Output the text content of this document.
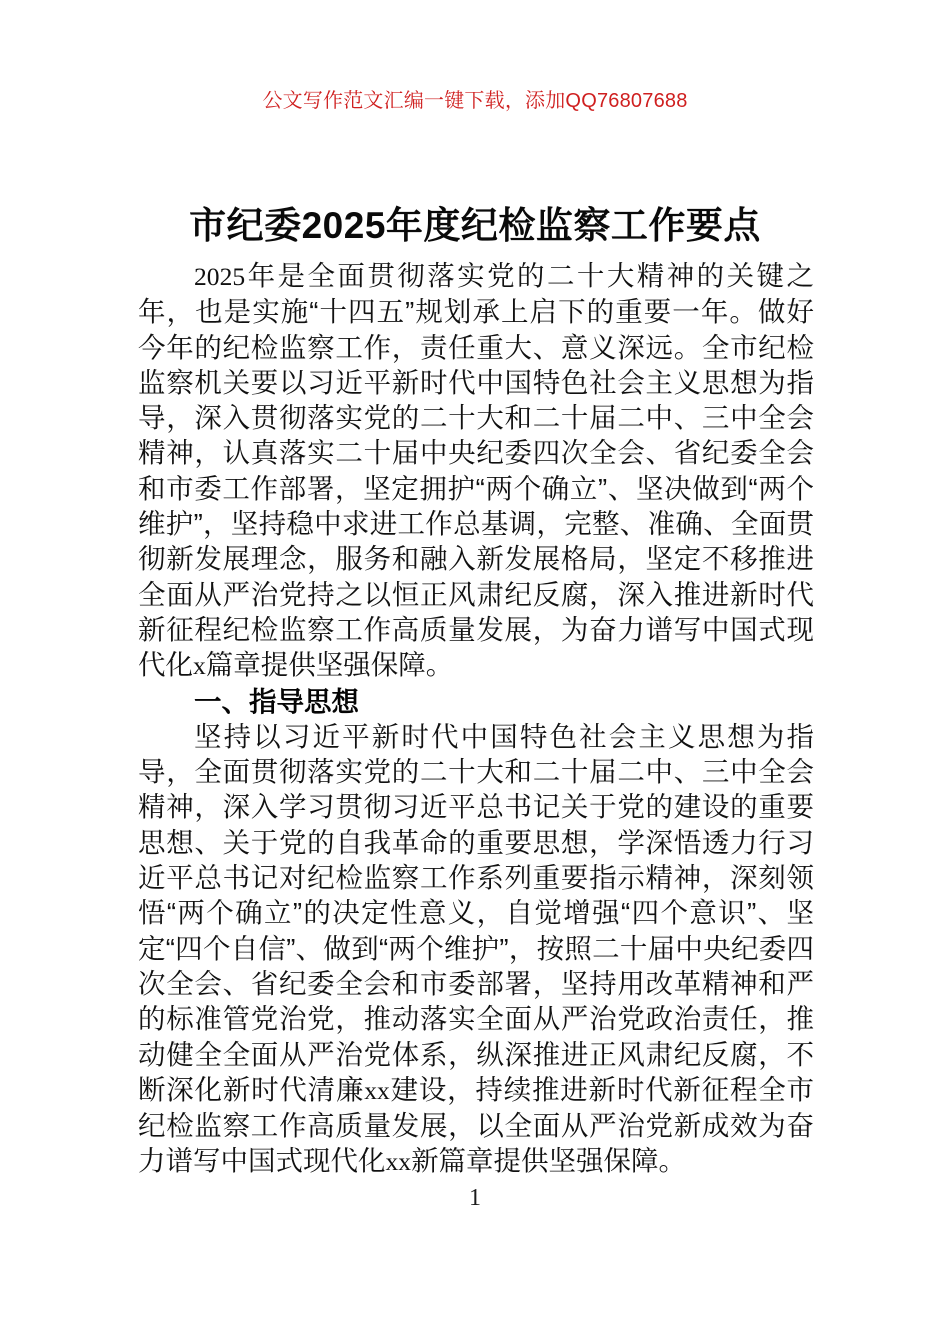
公文写作范文汇编一键下载，添加QQ76807688
市纪委2025年度纪检监察工作要点

2025年是全面贯彻落实党的二十大精神的关键之年，也是实施“十四五”规划承上启下的重要一年。做好今年的纪检监察工作，责任重大、意义深远。全市纪检监察机关要以习近平新时代中国特色社会主义思想为指导，深入贯彻落实党的二十大和二十届二中、三中全会精神，认真落实二十届中央纪委四次全会、省纪委全会和市委工作部署，坚定拥护“两个确立”、坚决做到“两个维护”，坚持稳中求进工作总基调，完整、准确、全面贯彻新发展理念，服务和融入新发展格局，坚定不移推进全面从严治党持之以恒正风肃纪反腐，深入推进新时代新征程纪检监察工作高质量发展，为奋力谱写中国式现代化x篇章提供坚强保障。

一、指导思想

坚持以习近平新时代中国特色社会主义思想为指导，全面贯彻落实党的二十大和二十届二中、三中全会精神，深入学习贯彻习近平总书记关于党的建设的重要思想、关于党的自我革命的重要思想，学深悟透力行习近平总书记对纪检监察工作系列重要指示精神，深刻领悟“两个确立”的决定性意义，自觉增强“四个意识”、坚定“四个自信”、做到“两个维护”，按照二十届中央纪委四次全会、省纪委全会和市委部署，坚持用改革精神和严的标准管党治党，推动落实全面从严治党政治责任，推动健全全面从严治党体系，纵深推进正风肃纪反腐，不断深化新时代清廉xx建设，持续推进新时代新征程全市纪检监察工作高质量发展，以全面从严治党新成效为奋力谱写中国式现代化xx新篇章提供坚强保障。

1
